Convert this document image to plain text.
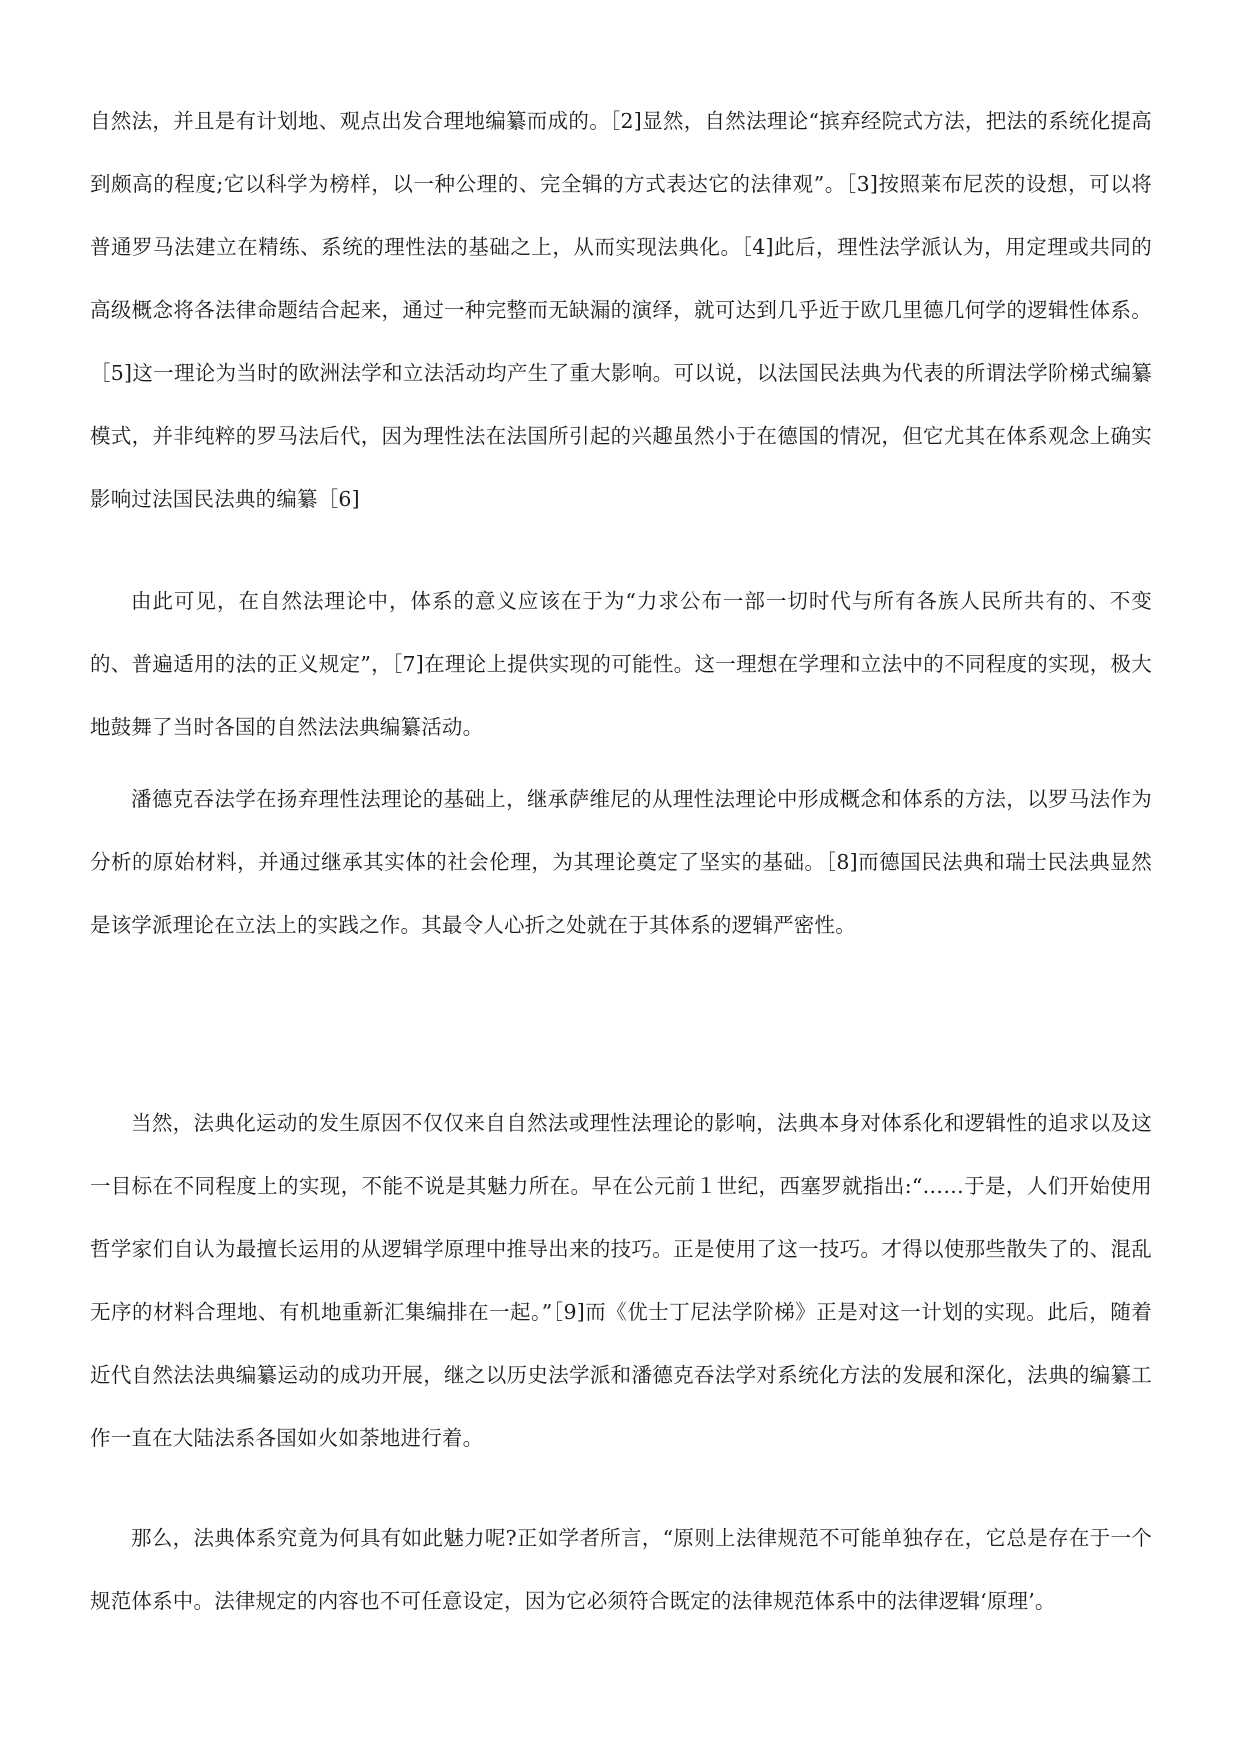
自然法，并且是有计划地、观点出发合理地编纂而成的。［2]显然，自然法理论“摈弃经院式方法，把法的系统化提高到颇高的程度;它以科学为榜样，以一种公理的、完全辑的方式表达它的法律观”。［3]按照莱布尼茨的设想，可以将普通罗马法建立在精练、系统的理性法的基础之上，从而实现法典化。［4]此后，理性法学派认为，用定理或共同的高级概念将各法律命题结合起来，通过一种完整而无缺漏的演绎，就可达到几乎近于欧几里德几何学的逻辑性体系。［5]这一理论为当时的欧洲法学和立法活动均产生了重大影响。可以说，以法国民法典为代表的所谓法学阶梯式编纂模式，并非纯粹的罗马法后代，因为理性法在法国所引起的兴趣虽然小于在德国的情况，但它尤其在体系观念上确实影响过法国民法典的编纂［6]

由此可见，在自然法理论中，体系的意义应该在于为“力求公布一部一切时代与所有各族人民所共有的、不变的、普遍适用的法的正义规定”，［7]在理论上提供实现的可能性。这一理想在学理和立法中的不同程度的实现，极大地鼓舞了当时各国的自然法法典编纂活动。

潘德克吞法学在扬弃理性法理论的基础上，继承萨维尼的从理性法理论中形成概念和体系的方法，以罗马法作为分析的原始材料，并通过继承其实体的社会伦理，为其理论奠定了坚实的基础。［8]而德国民法典和瑞士民法典显然是该学派理论在立法上的实践之作。其最令人心折之处就在于其体系的逻辑严密性。

当然，法典化运动的发生原因不仅仅来自自然法或理性法理论的影响，法典本身对体系化和逻辑性的追求以及这一目标在不同程度上的实现，不能不说是其魅力所在。早在公元前１世纪，西塞罗就指出:“……于是，人们开始使用哲学家们自认为最擅长运用的从逻辑学原理中推导出来的技巧。正是使用了这一技巧。才得以使那些散失了的、混乱无序的材料合理地、有机地重新汇集编排在一起。”［9]而《优士丁尼法学阶梯》正是对这一计划的实现。此后，随着近代自然法法典编纂运动的成功开展，继之以历史法学派和潘德克吞法学对系统化方法的发展和深化，法典的编纂工作一直在大陆法系各国如火如荼地进行着。

那么，法典体系究竟为何具有如此魅力呢?正如学者所言，“原则上法律规范不可能单独存在，它总是存在于一个规范体系中。法律规定的内容也不可任意设定，因为它必须符合既定的法律规范体系中的法律逻辑‘原理’。
